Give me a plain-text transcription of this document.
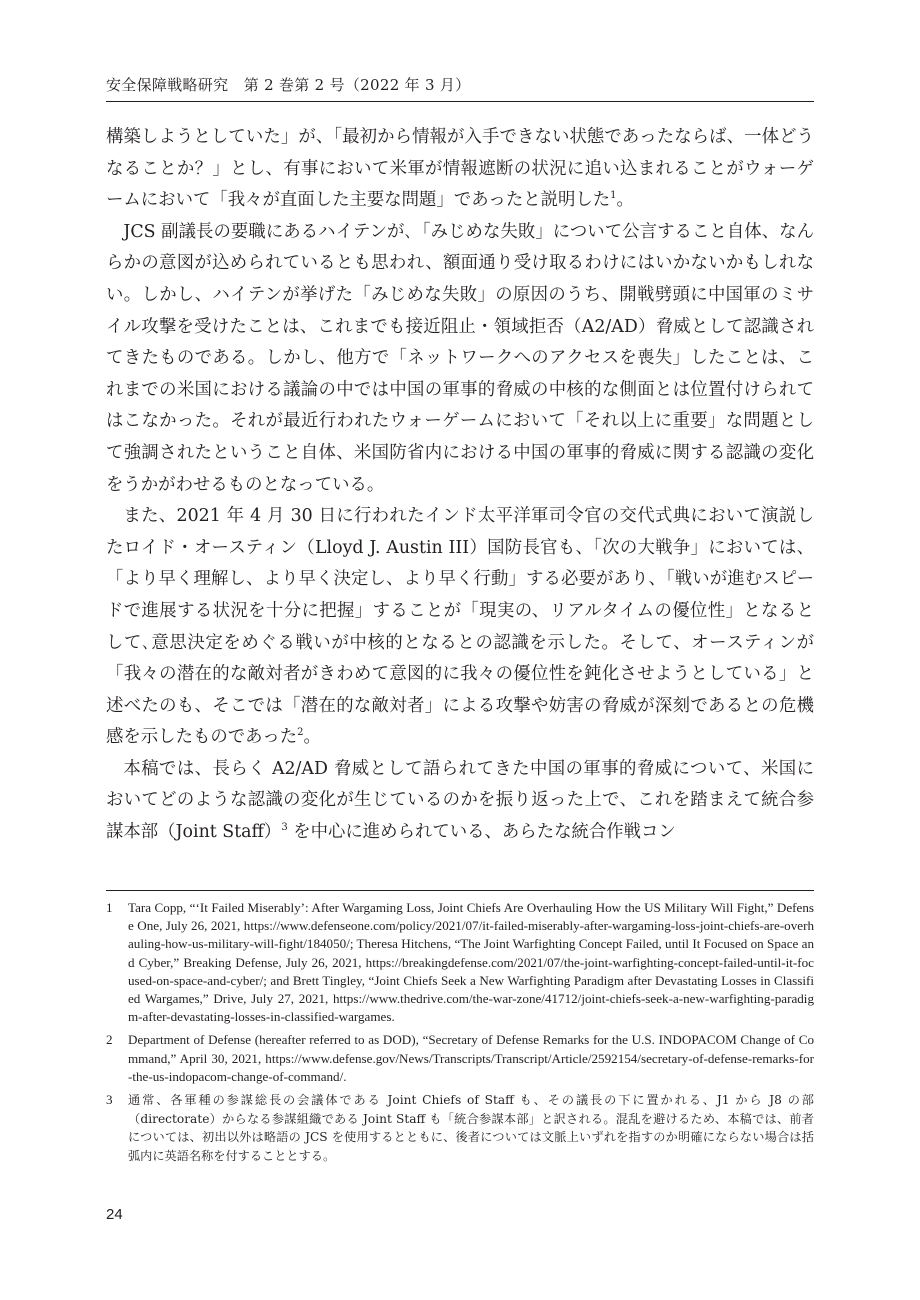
安全保障戦略研究　第 2 巻第 2 号（2022 年 3 月）

構築しようとしていた」が、「最初から情報が入手できない状態であったならば、一体どうなることか？」とし、有事において米軍が情報遮断の状況に追い込まれることがウォーゲームにおいて「我々が直面した主要な問題」であったと説明した$^1$。

JCS 副議長の要職にあるハイテンが､「みじめな失敗」について公言すること自体、なんらかの意図が込められているとも思われ、額面通り受け取るわけにはいかないかもしれない。しかし、ハイテンが挙げた「みじめな失敗」の原因のうち、開戦劈頭に中国軍のミサイル攻撃を受けたことは、これまでも接近阻止・領域拒否（A2/AD）脅威として認識されてきたものである。しかし、他方で「ネットワークへのアクセスを喪失」したことは、これまでの米国における議論の中では中国の軍事的脅威の中核的な側面とは位置付けられてはこなかった。それが最近行われたウォーゲームにおいて「それ以上に重要」な問題として強調されたということ自体、米国防省内における中国の軍事的脅威に関する認識の変化をうかがわせるものとなっている。

また、2021 年 4 月 30 日に行われたインド太平洋軍司令官の交代式典において演説したロイド・オースティン（Lloyd J. Austin III）国防長官も、「次の大戦争」においては、「より早く理解し、より早く決定し、より早く行動」する必要があり、「戦いが進むスピードで進展する状況を十分に把握」することが「現実の、リアルタイムの優位性」となるとして､意思決定をめぐる戦いが中核的となるとの認識を示した。そして、オースティンが「我々の潜在的な敵対者がきわめて意図的に我々の優位性を鈍化させようとしている」と述べたのも、そこでは「潜在的な敵対者」による攻撃や妨害の脅威が深刻であるとの危機感を示したものであった$^2$。

本稿では、長らく A2/AD 脅威として語られてきた中国の軍事的脅威について、米国においてどのような認識の変化が生じているのかを振り返った上で、これを踏まえて統合参謀本部（Joint Staff）$^3$ を中心に進められている、あらたな統合作戦コン

1	Tara Copp, “‘It Failed Miserably’: After Wargaming Loss, Joint Chiefs Are Overhauling How the US Military Will Fight,” Defense One, July 26, 2021, https://www.defenseone.com/policy/2021/07/it-failed-miserably-after-wargaming-loss-joint-chiefs-are-overhauling-how-us-military-will-fight/184050/; Theresa Hitchens, “The Joint Warfighting Concept Failed, until It Focused on Space and Cyber,” Breaking Defense, July 26, 2021, https://breakingdefense.com/2021/07/the-joint-warfighting-concept-failed-until-it-focused-on-space-and-cyber/; and Brett Tingley, “Joint Chiefs Seek a New Warfighting Paradigm after Devastating Losses in Classified Wargames,” Drive, July 27, 2021, https://www.thedrive.com/the-war-zone/41712/joint-chiefs-seek-a-new-warfighting-paradigm-after-devastating-losses-in-classified-wargames.
2	Department of Defense (hereafter referred to as DOD), “Secretary of Defense Remarks for the U.S. INDOPACOM Change of Command,” April 30, 2021, https://www.defense.gov/News/Transcripts/Transcript/Article/2592154/secretary-of-defense-remarks-for-the-us-indopacom-change-of-command/.
3	通常、各軍種の参謀総長の会議体である Joint Chiefs of Staff も、その議長の下に置かれる、J1 から J8 の部（directorate）からなる参謀組織である Joint Staff も「統合参謀本部」と訳される。混乱を避けるため、本稿では、前者については、初出以外は略語の JCS を使用するとともに、後者については文脈上いずれを指すのか明確にならない場合は括弧内に英語名称を付することとする。
24
